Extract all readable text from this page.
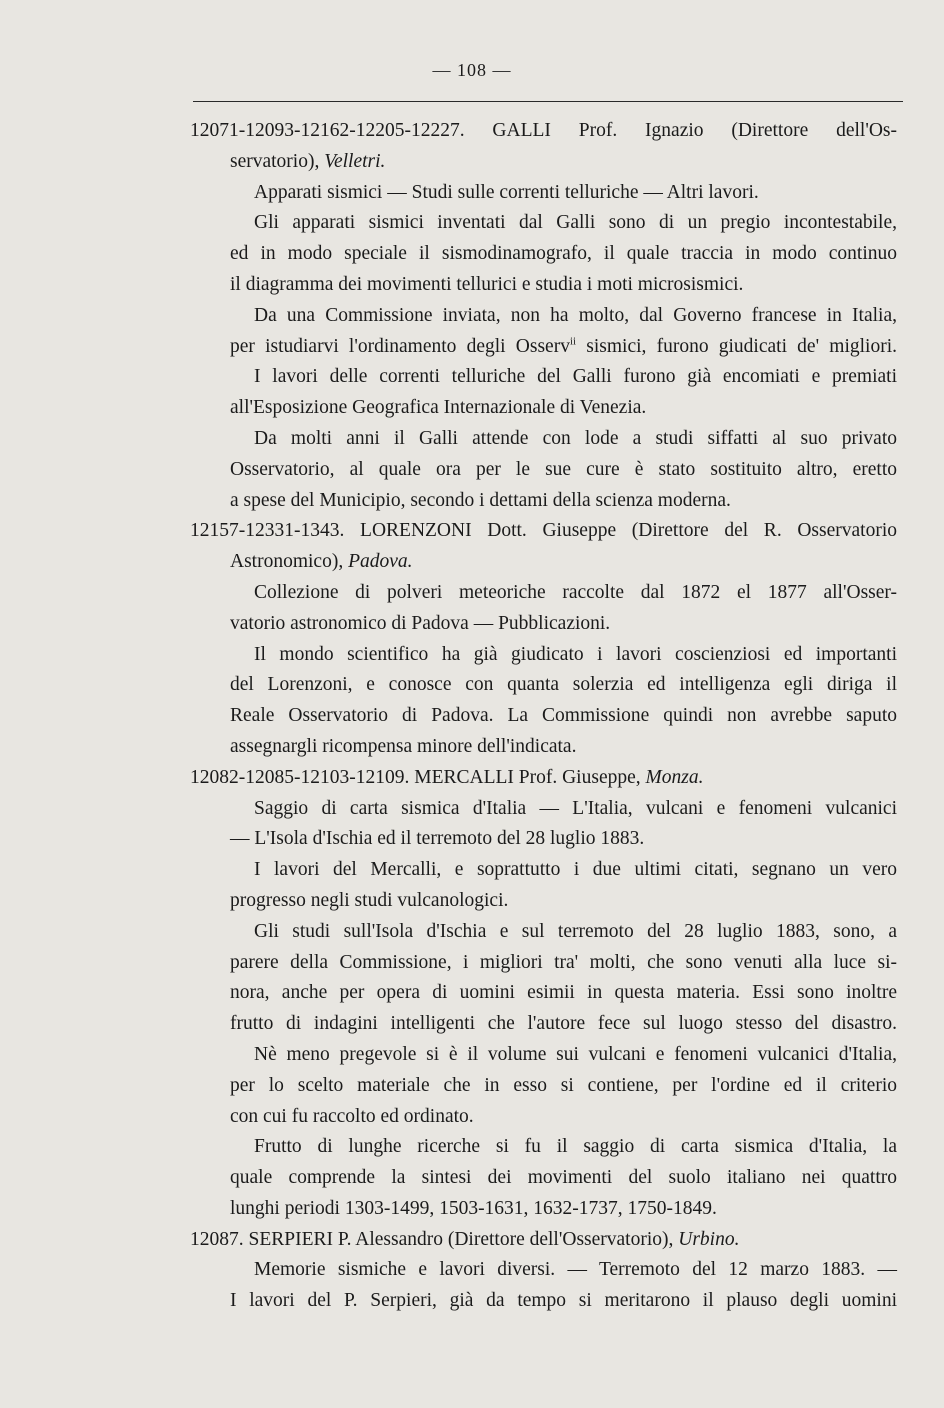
— 108 —
12071-12093-12162-12205-12227. GALLI Prof. Ignazio (Direttore dell'Os-
servatorio), Velletri.
Apparati sismici — Studi sulle correnti telluriche — Altri lavori.
Gli apparati sismici inventati dal Galli sono di un pregio incontestabile,
ed in modo speciale il sismodinamografo, il quale traccia in modo continuo
il diagramma dei movimenti tellurici e studia i moti microsismici.
Da una Commissione inviata, non ha molto, dal Governo francese in Italia,
per istudiarvi l'ordinamento degli Osserv$^{ii}$ sismici, furono giudicati de' migliori.
I lavori delle correnti telluriche del Galli furono già encomiati e premiati
all'Esposizione Geografica Internazionale di Venezia.
Da molti anni il Galli attende con lode a studi siffatti al suo privato
Osservatorio, al quale ora per le sue cure è stato sostituito altro, eretto
a spese del Municipio, secondo i dettami della scienza moderna.
12157-12331-1343. LORENZONI Dott. Giuseppe (Direttore del R. Osservatorio
Astronomico), Padova.
Collezione di polveri meteoriche raccolte dal 1872 el 1877 all'Osser-
vatorio astronomico di Padova — Pubblicazioni.
Il mondo scientifico ha già giudicato i lavori coscienziosi ed importanti
del Lorenzoni, e conosce con quanta solerzia ed intelligenza egli diriga il
Reale Osservatorio di Padova. La Commissione quindi non avrebbe saputo
assegnargli ricompensa minore dell'indicata.
12082-12085-12103-12109. MERCALLI Prof. Giuseppe, Monza.
Saggio di carta sismica d'Italia — L'Italia, vulcani e fenomeni vulcanici
— L'Isola d'Ischia ed il terremoto del 28 luglio 1883.
I lavori del Mercalli, e soprattutto i due ultimi citati, segnano un vero
progresso negli studi vulcanologici.
Gli studi sull'Isola d'Ischia e sul terremoto del 28 luglio 1883, sono, a
parere della Commissione, i migliori tra' molti, che sono venuti alla luce si-
nora, anche per opera di uomini esimii in questa materia. Essi sono inoltre
frutto di indagini intelligenti che l'autore fece sul luogo stesso del disastro.
Nè meno pregevole si è il volume sui vulcani e fenomeni vulcanici d'Italia,
per lo scelto materiale che in esso si contiene, per l'ordine ed il criterio
con cui fu raccolto ed ordinato.
Frutto di lunghe ricerche si fu il saggio di carta sismica d'Italia, la
quale comprende la sintesi dei movimenti del suolo italiano nei quattro
lunghi periodi 1303-1499, 1503-1631, 1632-1737, 1750-1849.
12087. SERPIERI P. Alessandro (Direttore dell'Osservatorio), Urbino.
Memorie sismiche e lavori diversi. — Terremoto del 12 marzo 1883. —
I lavori del P. Serpieri, già da tempo si meritarono il plauso degli uomini
